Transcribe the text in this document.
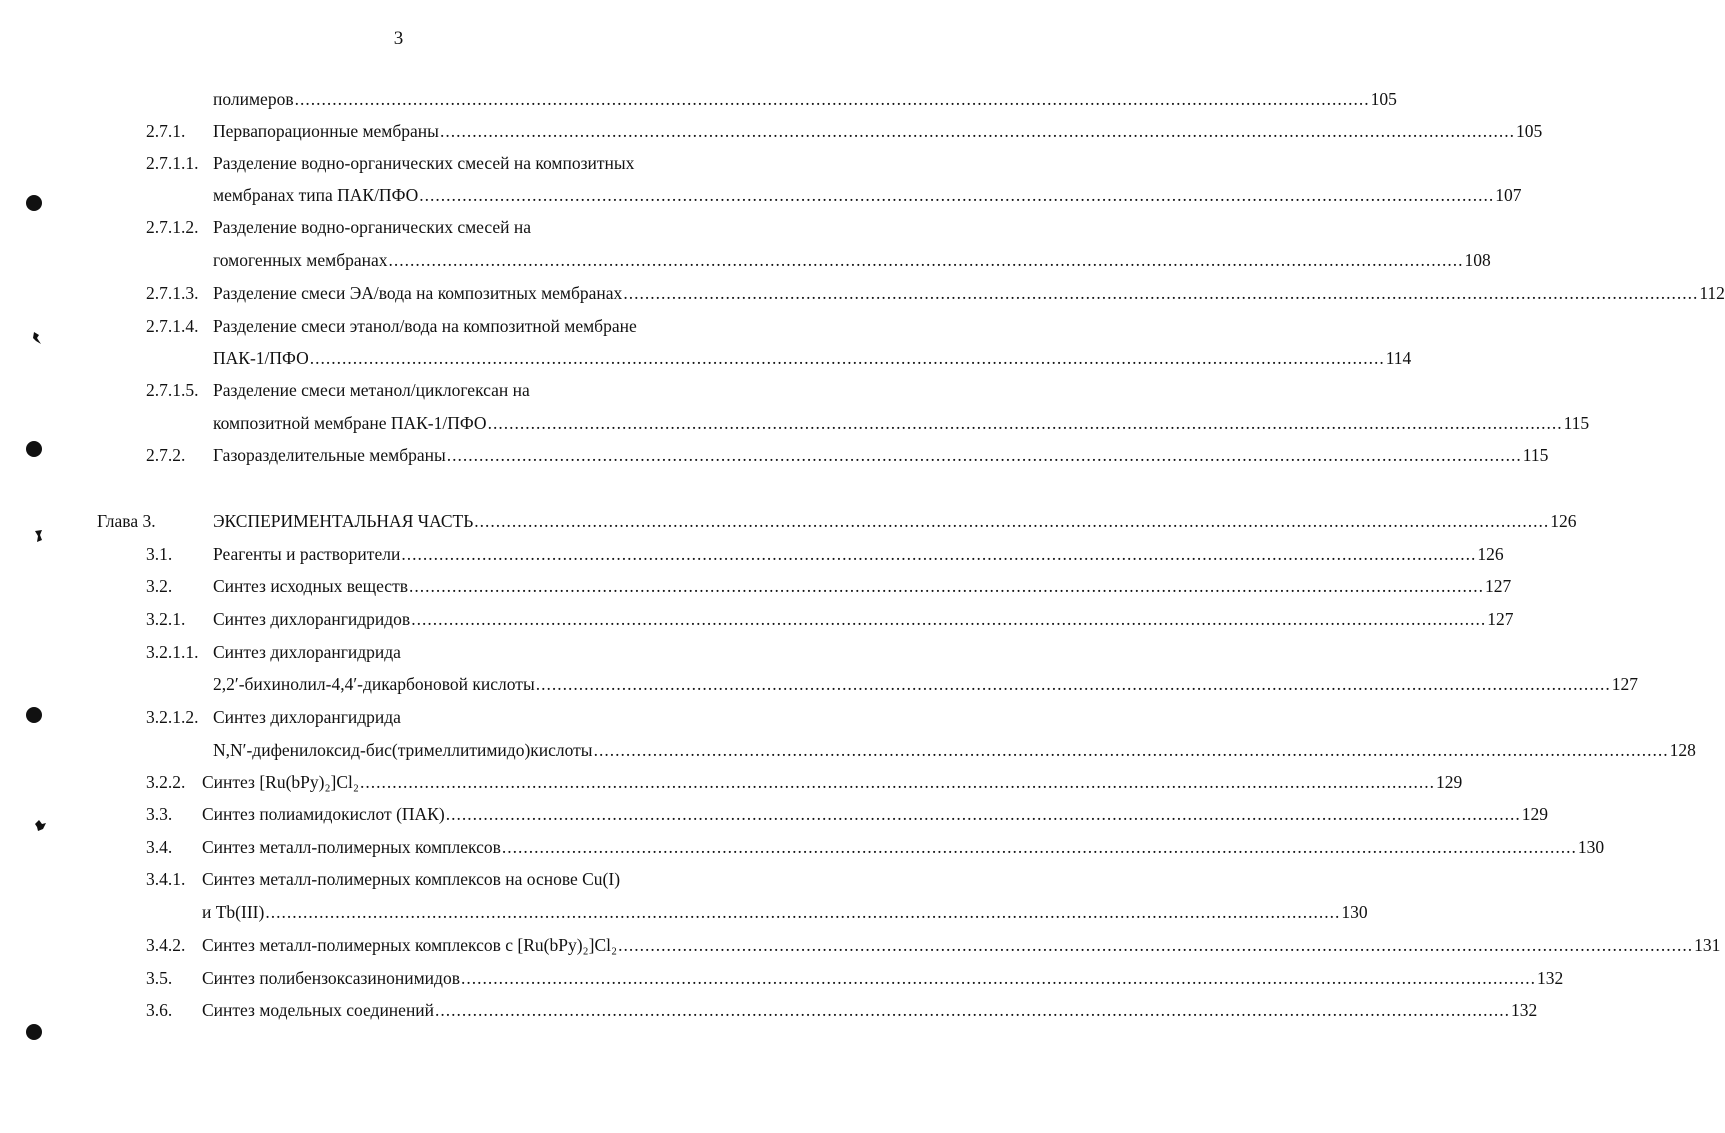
3
полимеров ........................................................................................................................................................................................................ 105
2.7.1. Первапорационные мембраны ........................................................................................................................................................................................................ 105
2.7.1.1. Разделение водно-органических смесей на композитных
мембранах типа ПАК/ПФО ........................................................................................................................................................................................................ 107
2.7.1.2. Разделение водно-органических смесей на
гомогенных мембранах ........................................................................................................................................................................................................ 108
2.7.1.3. Разделение смеси ЭА/вода на композитных мембранах ........................................................................................................................................................................................................ 112
2.7.1.4. Разделение смеси этанол/вода на композитной мембране
ПАК-1/ПФО ........................................................................................................................................................................................................ 114
2.7.1.5. Разделение смеси метанол/циклогексан на
композитной мембране ПАК-1/ПФО ........................................................................................................................................................................................................ 115
2.7.2. Газоразделительные мембраны ........................................................................................................................................................................................................ 115
Глава 3.	ЭКСПЕРИМЕНТАЛЬНАЯ ЧАСТЬ ........................................................................................................................................................................................................ 126
3.1. Реагенты и растворители ........................................................................................................................................................................................................ 126
3.2. Синтез исходных веществ ........................................................................................................................................................................................................ 127
3.2.1. Синтез дихлорангидридов ........................................................................................................................................................................................................ 127
3.2.1.1. Синтез дихлорангидрида
2,2′-бихинолил-4,4′-дикарбоновой кислоты ........................................................................................................................................................................................................ 127
3.2.1.2. Синтез дихлорангидрида
N,N′-дифенилоксид-бис(тримеллитимидо)кислоты ........................................................................................................................................................................................................ 128
3.2.2. Синтез [Ru(bPy)₂]Cl₂ ........................................................................................................................................................................................................ 129
3.3. Синтез полиамидокислот (ПАК) ........................................................................................................................................................................................................ 129
3.4. Синтез металл-полимерных комплексов ........................................................................................................................................................................................................ 130
3.4.1. Синтез металл-полимерных комплексов на основе Cu(I)
и Tb(III) ........................................................................................................................................................................................................ 130
3.4.2. Синтез металл-полимерных комплексов с [Ru(bPy)₂]Cl₂ ........................................................................................................................................................................................................ 131
3.5. Синтез полибензоксазинонимидов ........................................................................................................................................................................................................ 132
3.6. Синтез модельных соединений ........................................................................................................................................................................................................ 132
